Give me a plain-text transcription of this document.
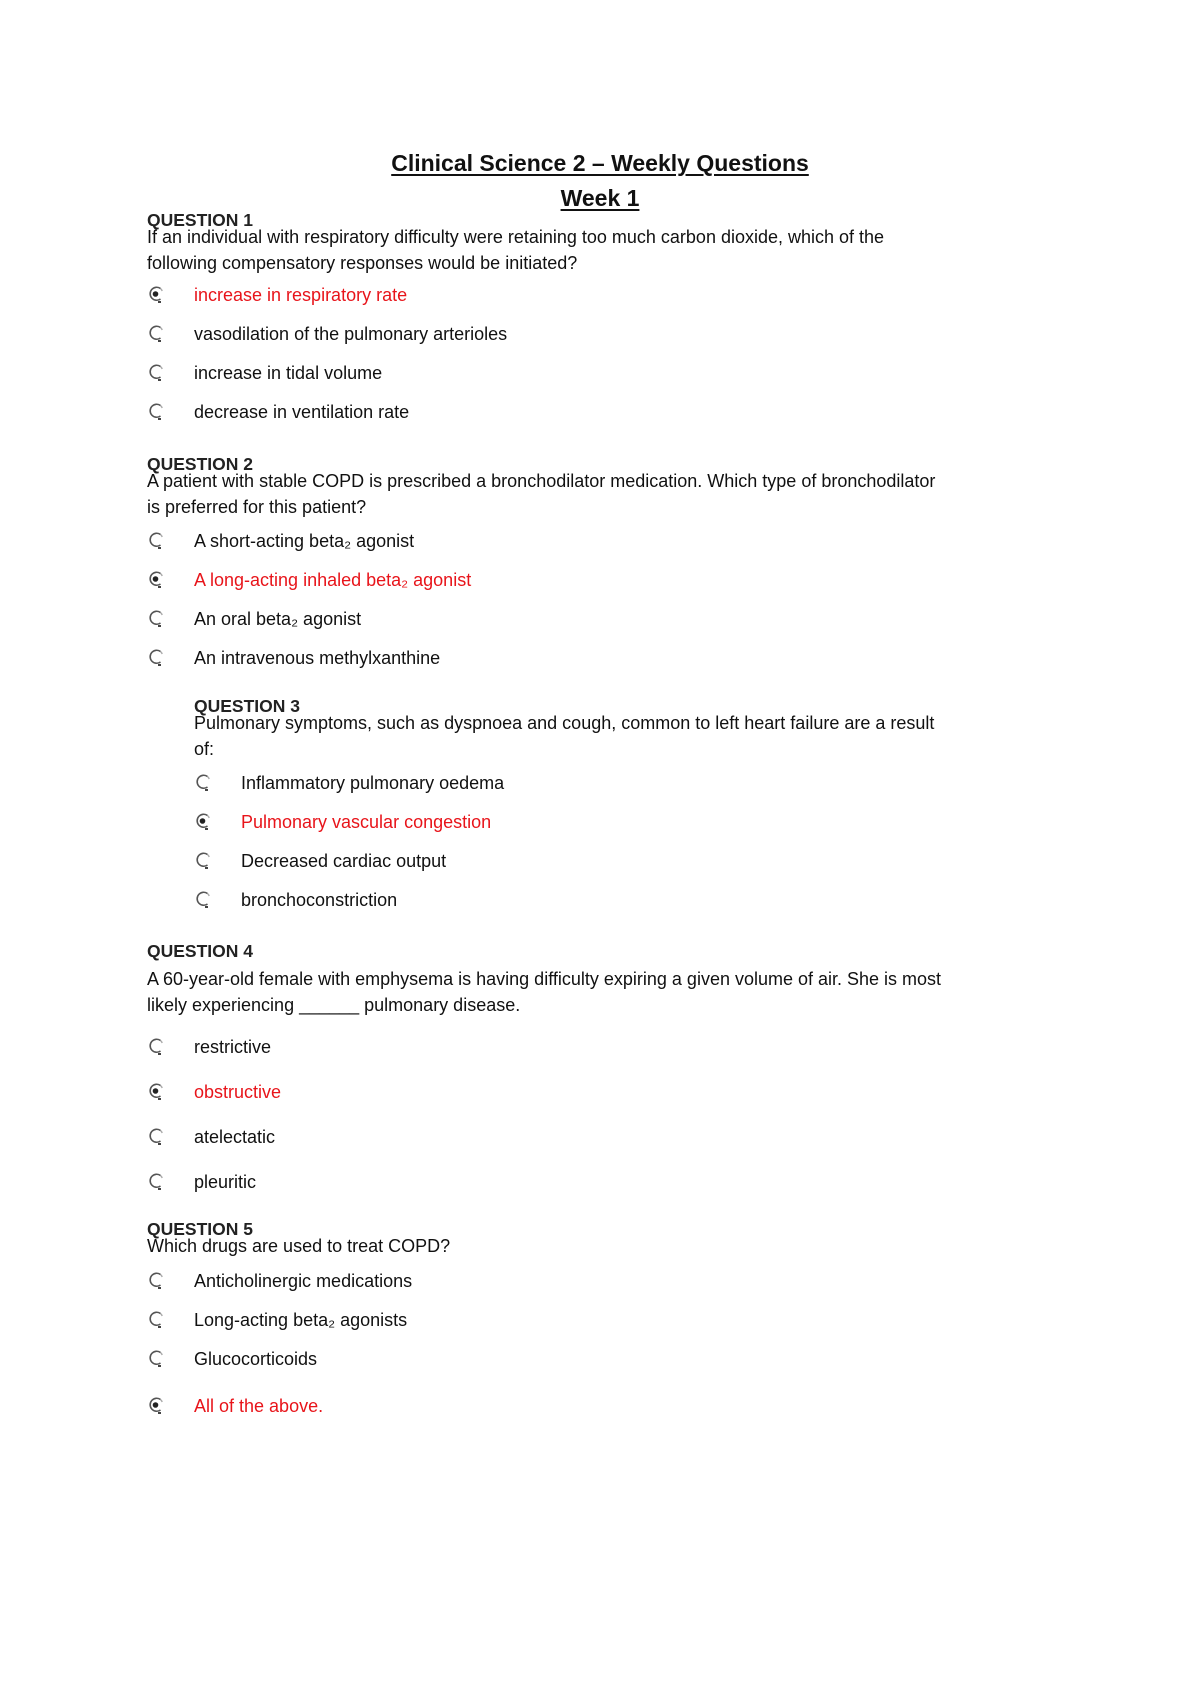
Clinical Science 2 – Weekly Questions
Week 1
QUESTION 1
If an individual with respiratory difficulty were retaining too much carbon dioxide, which of the
following compensatory responses would be initiated?
increase in respiratory rate
vasodilation of the pulmonary arterioles
increase in tidal volume
decrease in ventilation rate
QUESTION 2
A patient with stable COPD is prescribed a bronchodilator medication. Which type of bronchodilator
is preferred for this patient?
A short-acting beta₂ agonist
A long-acting inhaled beta₂ agonist
An oral beta₂ agonist
An intravenous methylxanthine
QUESTION 3
Pulmonary symptoms, such as dyspnoea and cough, common to left heart failure are a result
of:
Inflammatory pulmonary oedema
Pulmonary vascular congestion
Decreased cardiac output
bronchoconstriction
QUESTION 4
A 60-year-old female with emphysema is having difficulty expiring a given volume of air. She is most
likely experiencing ______ pulmonary disease.
restrictive
obstructive
atelectatic
pleuritic
QUESTION 5
Which drugs are used to treat COPD?
Anticholinergic medications
Long-acting beta₂ agonists
Glucocorticoids
All of the above.
